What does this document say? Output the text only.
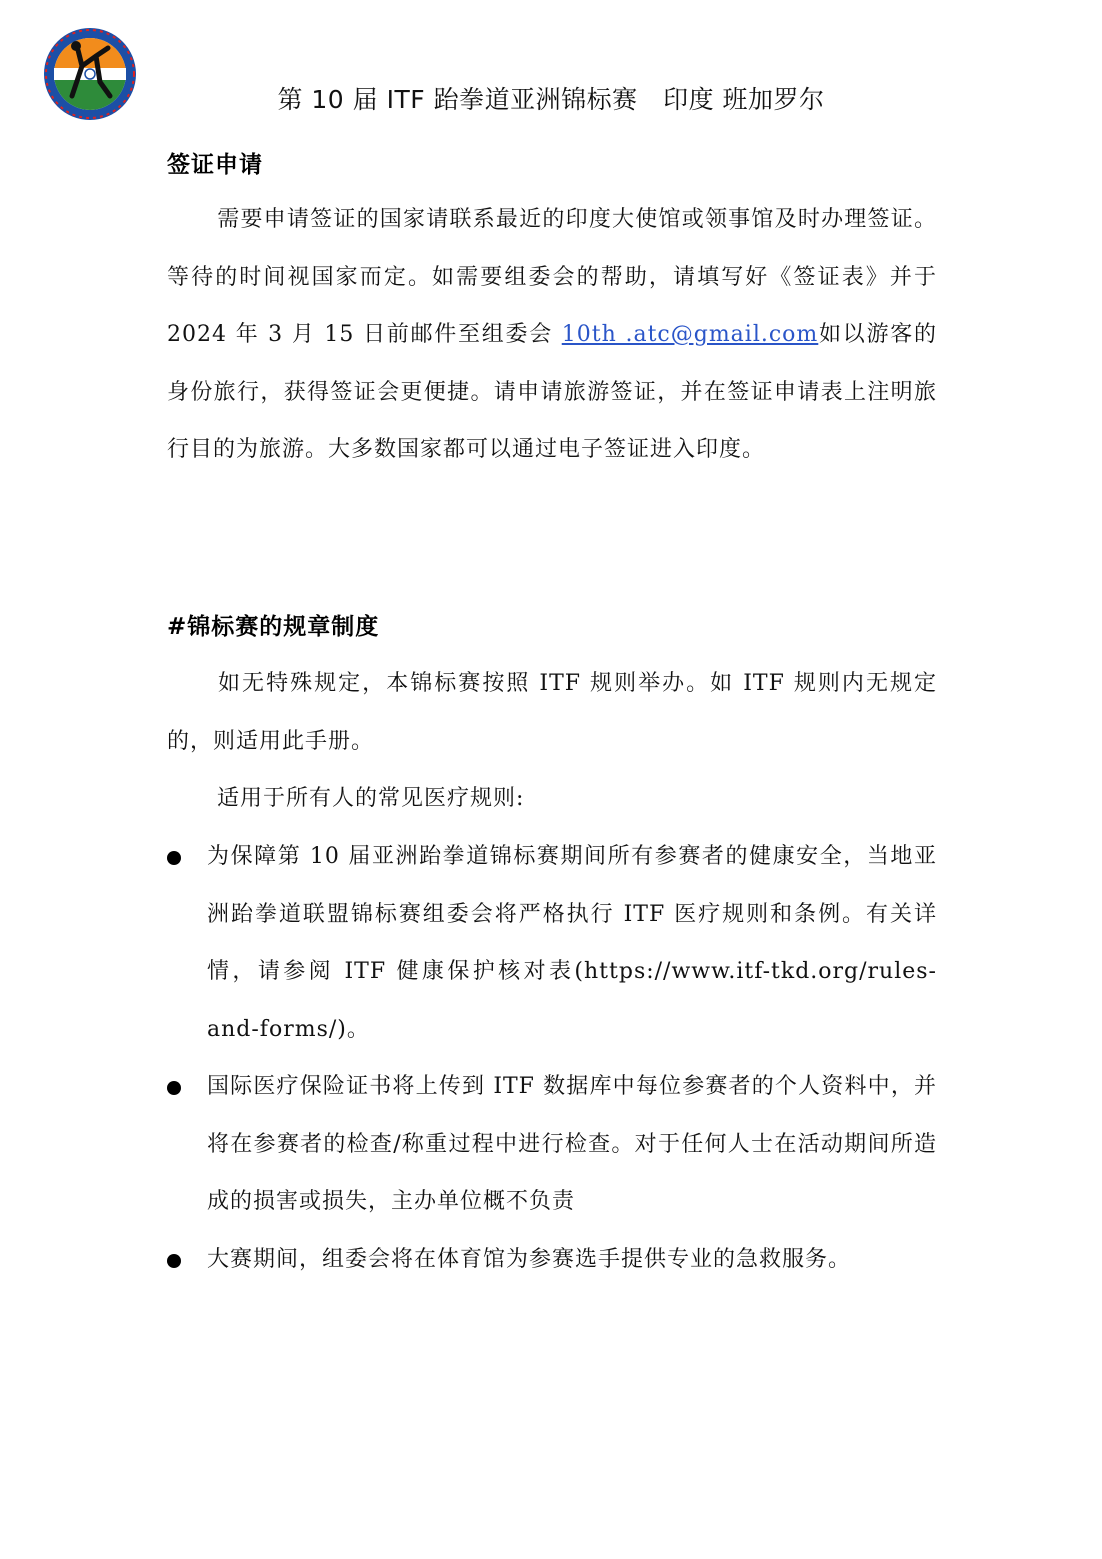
第 10 届 ITF 跆拳道亚洲锦标赛　印度 班加罗尔
签证申请
需要申请签证的国家请联系最近的印度大使馆或领事馆及时办理签证。等待的时间视国家而定。如需要组委会的帮助，请填写好《签证表》并于 2024 年 3 月 15 日前邮件至组委会 10th .atc@gmail.com如以游客的身份旅行，获得签证会更便捷。请申请旅游签证，并在签证申请表上注明旅行目的为旅游。大多数国家都可以通过电子签证进入印度。
#锦标赛的规章制度
如无特殊规定，本锦标赛按照 ITF 规则举办。如 ITF 规则内无规定的，则适用此手册。
适用于所有人的常见医疗规则:
为保障第 10 届亚洲跆拳道锦标赛期间所有参赛者的健康安全，当地亚洲跆拳道联盟锦标赛组委会将严格执行 ITF 医疗规则和条例。有关详情，请参阅 ITF 健康保护核对表(https://www.itf-tkd.org/rules-and-forms/)。
国际医疗保险证书将上传到 ITF 数据库中每位参赛者的个人资料中，并将在参赛者的检查/称重过程中进行检查。对于任何人士在活动期间所造成的损害或损失，主办单位概不负责
大赛期间，组委会将在体育馆为参赛选手提供专业的急救服务。
